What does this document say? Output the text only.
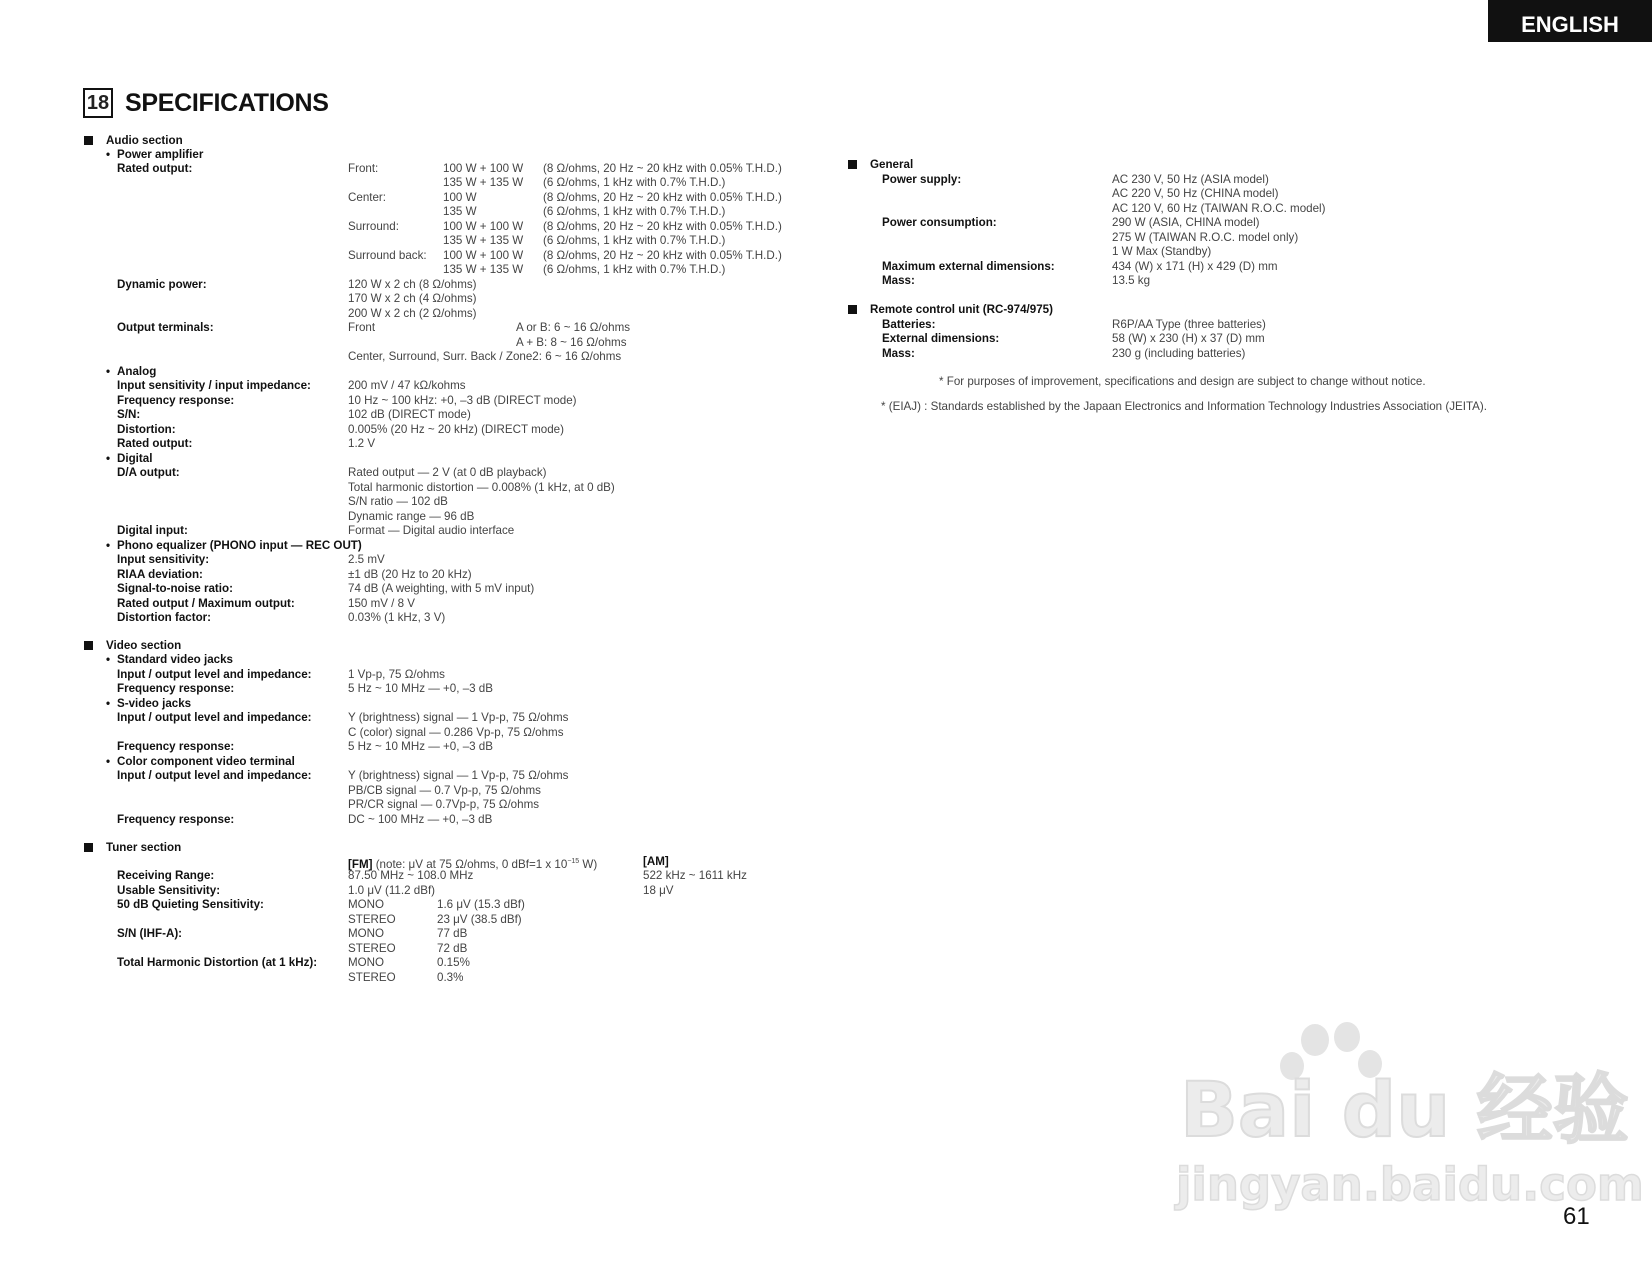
ENGLISH
18 SPECIFICATIONS
Audio section
• Power amplifier
Rated output:	Front:	100 W + 100 W (8 Ω/ohms, 20 Hz ~ 20 kHz with 0.05% T.H.D.)
135 W + 135 W (6 Ω/ohms, 1 kHz with 0.7% T.H.D.)
Center:	100 W	(8 Ω/ohms, 20 Hz ~ 20 kHz with 0.05% T.H.D.)
135 W	(6 Ω/ohms, 1 kHz with 0.7% T.H.D.)
Surround:	100 W + 100 W (8 Ω/ohms, 20 Hz ~ 20 kHz with 0.05% T.H.D.)
135 W + 135 W (6 Ω/ohms, 1 kHz with 0.7% T.H.D.)
Surround back: 100 W + 100 W (8 Ω/ohms, 20 Hz ~ 20 kHz with 0.05% T.H.D.)
135 W + 135 W (6 Ω/ohms, 1 kHz with 0.7% T.H.D.)
Dynamic power:	120 W x 2 ch (8 Ω/ohms)
170 W x 2 ch (4 Ω/ohms)
200 W x 2 ch (2 Ω/ohms)
Output terminals:	Front	A or B: 6 ~ 16 Ω/ohms
A + B: 8 ~ 16 Ω/ohms
Center, Surround, Surr. Back / Zone2: 6 ~ 16 Ω/ohms
• Analog
Input sensitivity / input impedance:	200 mV / 47 kΩ/kohms
Frequency response:	10 Hz ~ 100 kHz: +0, –3 dB (DIRECT mode)
S/N:	102 dB (DIRECT mode)
Distortion:	0.005% (20 Hz ~ 20 kHz) (DIRECT mode)
Rated output:	1.2 V
• Digital
D/A output:	Rated output — 2 V (at 0 dB playback)
Total harmonic distortion — 0.008% (1 kHz, at 0 dB)
S/N ratio — 102 dB
Dynamic range — 96 dB
Digital input:	Format — Digital audio interface
• Phono equalizer (PHONO input — REC OUT)
Input sensitivity:	2.5 mV
RIAA deviation:	±1 dB (20 Hz to 20 kHz)
Signal-to-noise ratio:	74 dB (A weighting, with 5 mV input)
Rated output / Maximum output:	150 mV / 8 V
Distortion factor:	0.03% (1 kHz, 3 V)
Video section
• Standard video jacks
Input / output level and impedance:	1 Vp-p, 75 Ω/ohms
Frequency response:	5 Hz ~ 10 MHz — +0, –3 dB
• S-video jacks
Input / output level and impedance:	Y (brightness) signal — 1 Vp-p, 75 Ω/ohms
C (color) signal — 0.286 Vp-p, 75 Ω/ohms
Frequency response:	5 Hz ~ 10 MHz — +0, –3 dB
• Color component video terminal
Input / output level and impedance:	Y (brightness) signal — 1 Vp-p, 75 Ω/ohms
PB/CB signal — 0.7 Vp-p, 75 Ω/ohms
PR/CR signal — 0.7Vp-p, 75 Ω/ohms
Frequency response:	DC ~ 100 MHz — +0, –3 dB
Tuner section
[FM] (note: μV at 75 Ω/ohms, 0 dBf=1 x $10^{-15}$ W)	[AM]
Receiving Range:	87.50 MHz ~ 108.0 MHz	522 kHz ~ 1611 kHz
Usable Sensitivity:	1.0 μV (11.2 dBf)	18 μV
50 dB Quieting Sensitivity:	MONO	1.6 μV (15.3 dBf)
STEREO	23 μV (38.5 dBf)
S/N (IHF-A):	MONO	77 dB
STEREO	72 dB
Total Harmonic Distortion (at 1 kHz):	MONO	0.15%
STEREO	0.3%
General
Power supply:	AC 230 V, 50 Hz (ASIA model)
AC 220 V, 50 Hz (CHINA model)
AC 120 V, 60 Hz (TAIWAN R.O.C. model)
Power consumption:	290 W (ASIA, CHINA model)
275 W (TAIWAN R.O.C. model only)
1 W Max (Standby)
Maximum external dimensions:	434 (W) x 171 (H) x 429 (D) mm
Mass:	13.5 kg
Remote control unit (RC-974/975)
Batteries:	R6P/AA Type (three batteries)
External dimensions:	58 (W) x 230 (H) x 37 (D) mm
Mass:	230 g (including batteries)
* For purposes of improvement, specifications and design are subject to change without notice.
* (EIAJ) : Standards established by the Japaan Electronics and Information Technology Industries Association (JEITA).
Bai du 经验
jingyan.baidu.com
61
